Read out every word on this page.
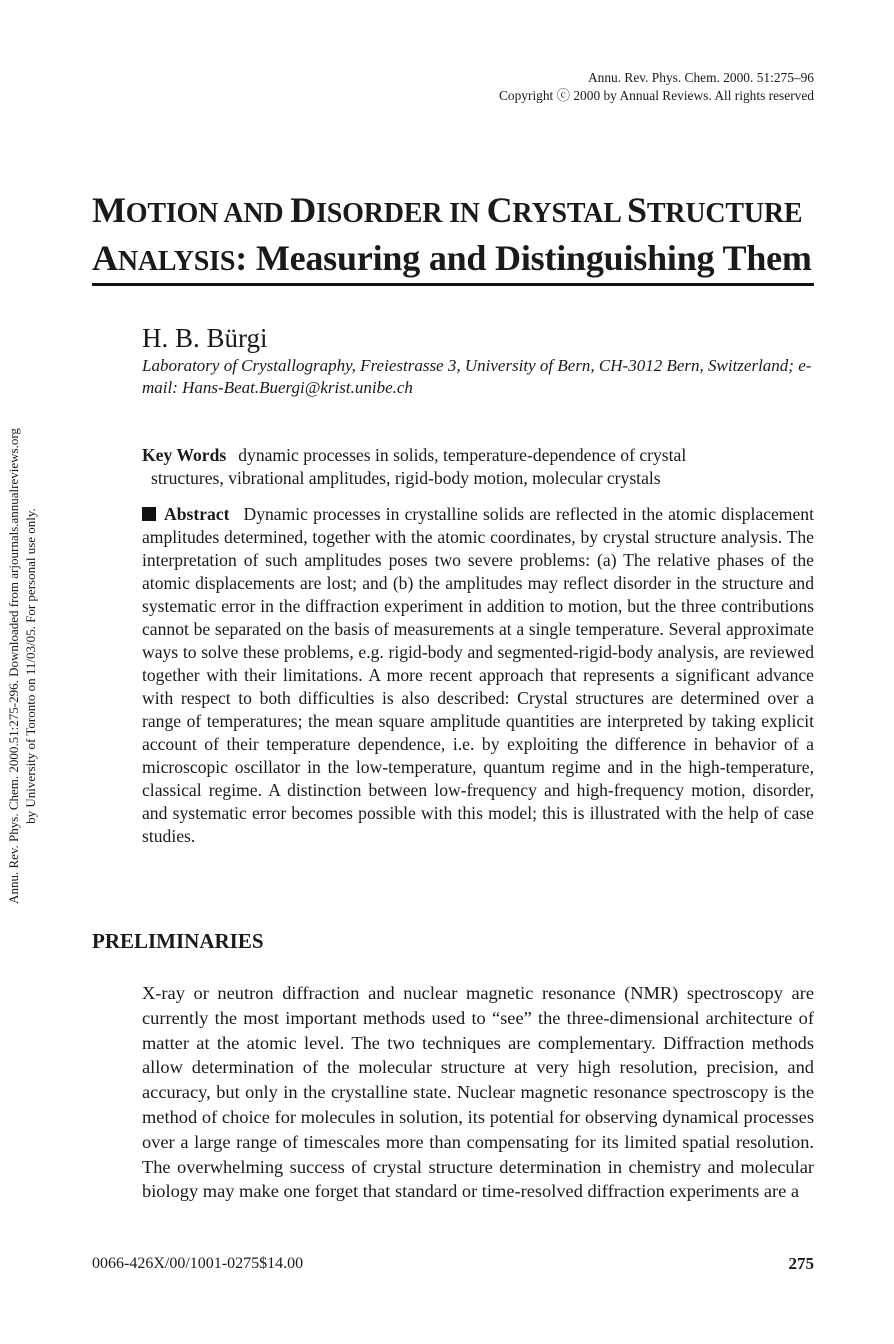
Annu. Rev. Phys. Chem. 2000. 51:275–96
Copyright ⓒ 2000 by Annual Reviews. All rights reserved
MOTION AND DISORDER IN CRYSTAL STRUCTURE
ANALYSIS: Measuring and Distinguishing Them
H. B. Bürgi
Laboratory of Crystallography, Freiestrasse 3, University of Bern, CH-3012 Bern, Switzerland; e-mail: Hans-Beat.Buergi@krist.unibe.ch
Key Words dynamic processes in solids, temperature-dependence of crystal
structures, vibrational amplitudes, rigid-body motion, molecular crystals
Abstract Dynamic processes in crystalline solids are reflected in the atomic displacement amplitudes determined, together with the atomic coordinates, by crystal structure analysis. The interpretation of such amplitudes poses two severe problems: (a) The relative phases of the atomic displacements are lost; and (b) the amplitudes may reflect disorder in the structure and systematic error in the diffraction experiment in addition to motion, but the three contributions cannot be separated on the basis of measurements at a single temperature. Several approximate ways to solve these problems, e.g. rigid-body and segmented-rigid-body analysis, are reviewed together with their limitations. A more recent approach that represents a significant advance with respect to both difficulties is also described: Crystal structures are determined over a range of temperatures; the mean square amplitude quantities are interpreted by taking explicit account of their temperature dependence, i.e. by exploiting the difference in behavior of a microscopic oscillator in the low-temperature, quantum regime and in the high-temperature, classical regime. A distinction between low-frequency and high-frequency motion, disorder, and systematic error becomes possible with this model; this is illustrated with the help of case studies.
PRELIMINARIES
X-ray or neutron diffraction and nuclear magnetic resonance (NMR) spectroscopy are currently the most important methods used to “see” the three-dimensional architecture of matter at the atomic level. The two techniques are complementary. Diffraction methods allow determination of the molecular structure at very high resolution, precision, and accuracy, but only in the crystalline state. Nuclear magnetic resonance spectroscopy is the method of choice for molecules in solution, its potential for observing dynamical processes over a large range of timescales more than compensating for its limited spatial resolution. The overwhelming success of crystal structure determination in chemistry and molecular biology may make one forget that standard or time-resolved diffraction experiments are a
0066-426X/00/1001-0275$14.00	275
Annu. Rev. Phys. Chem. 2000.51:275-296. Downloaded from arjournals.annualreviews.org by University of Toronto on 11/03/05. For personal use only.
